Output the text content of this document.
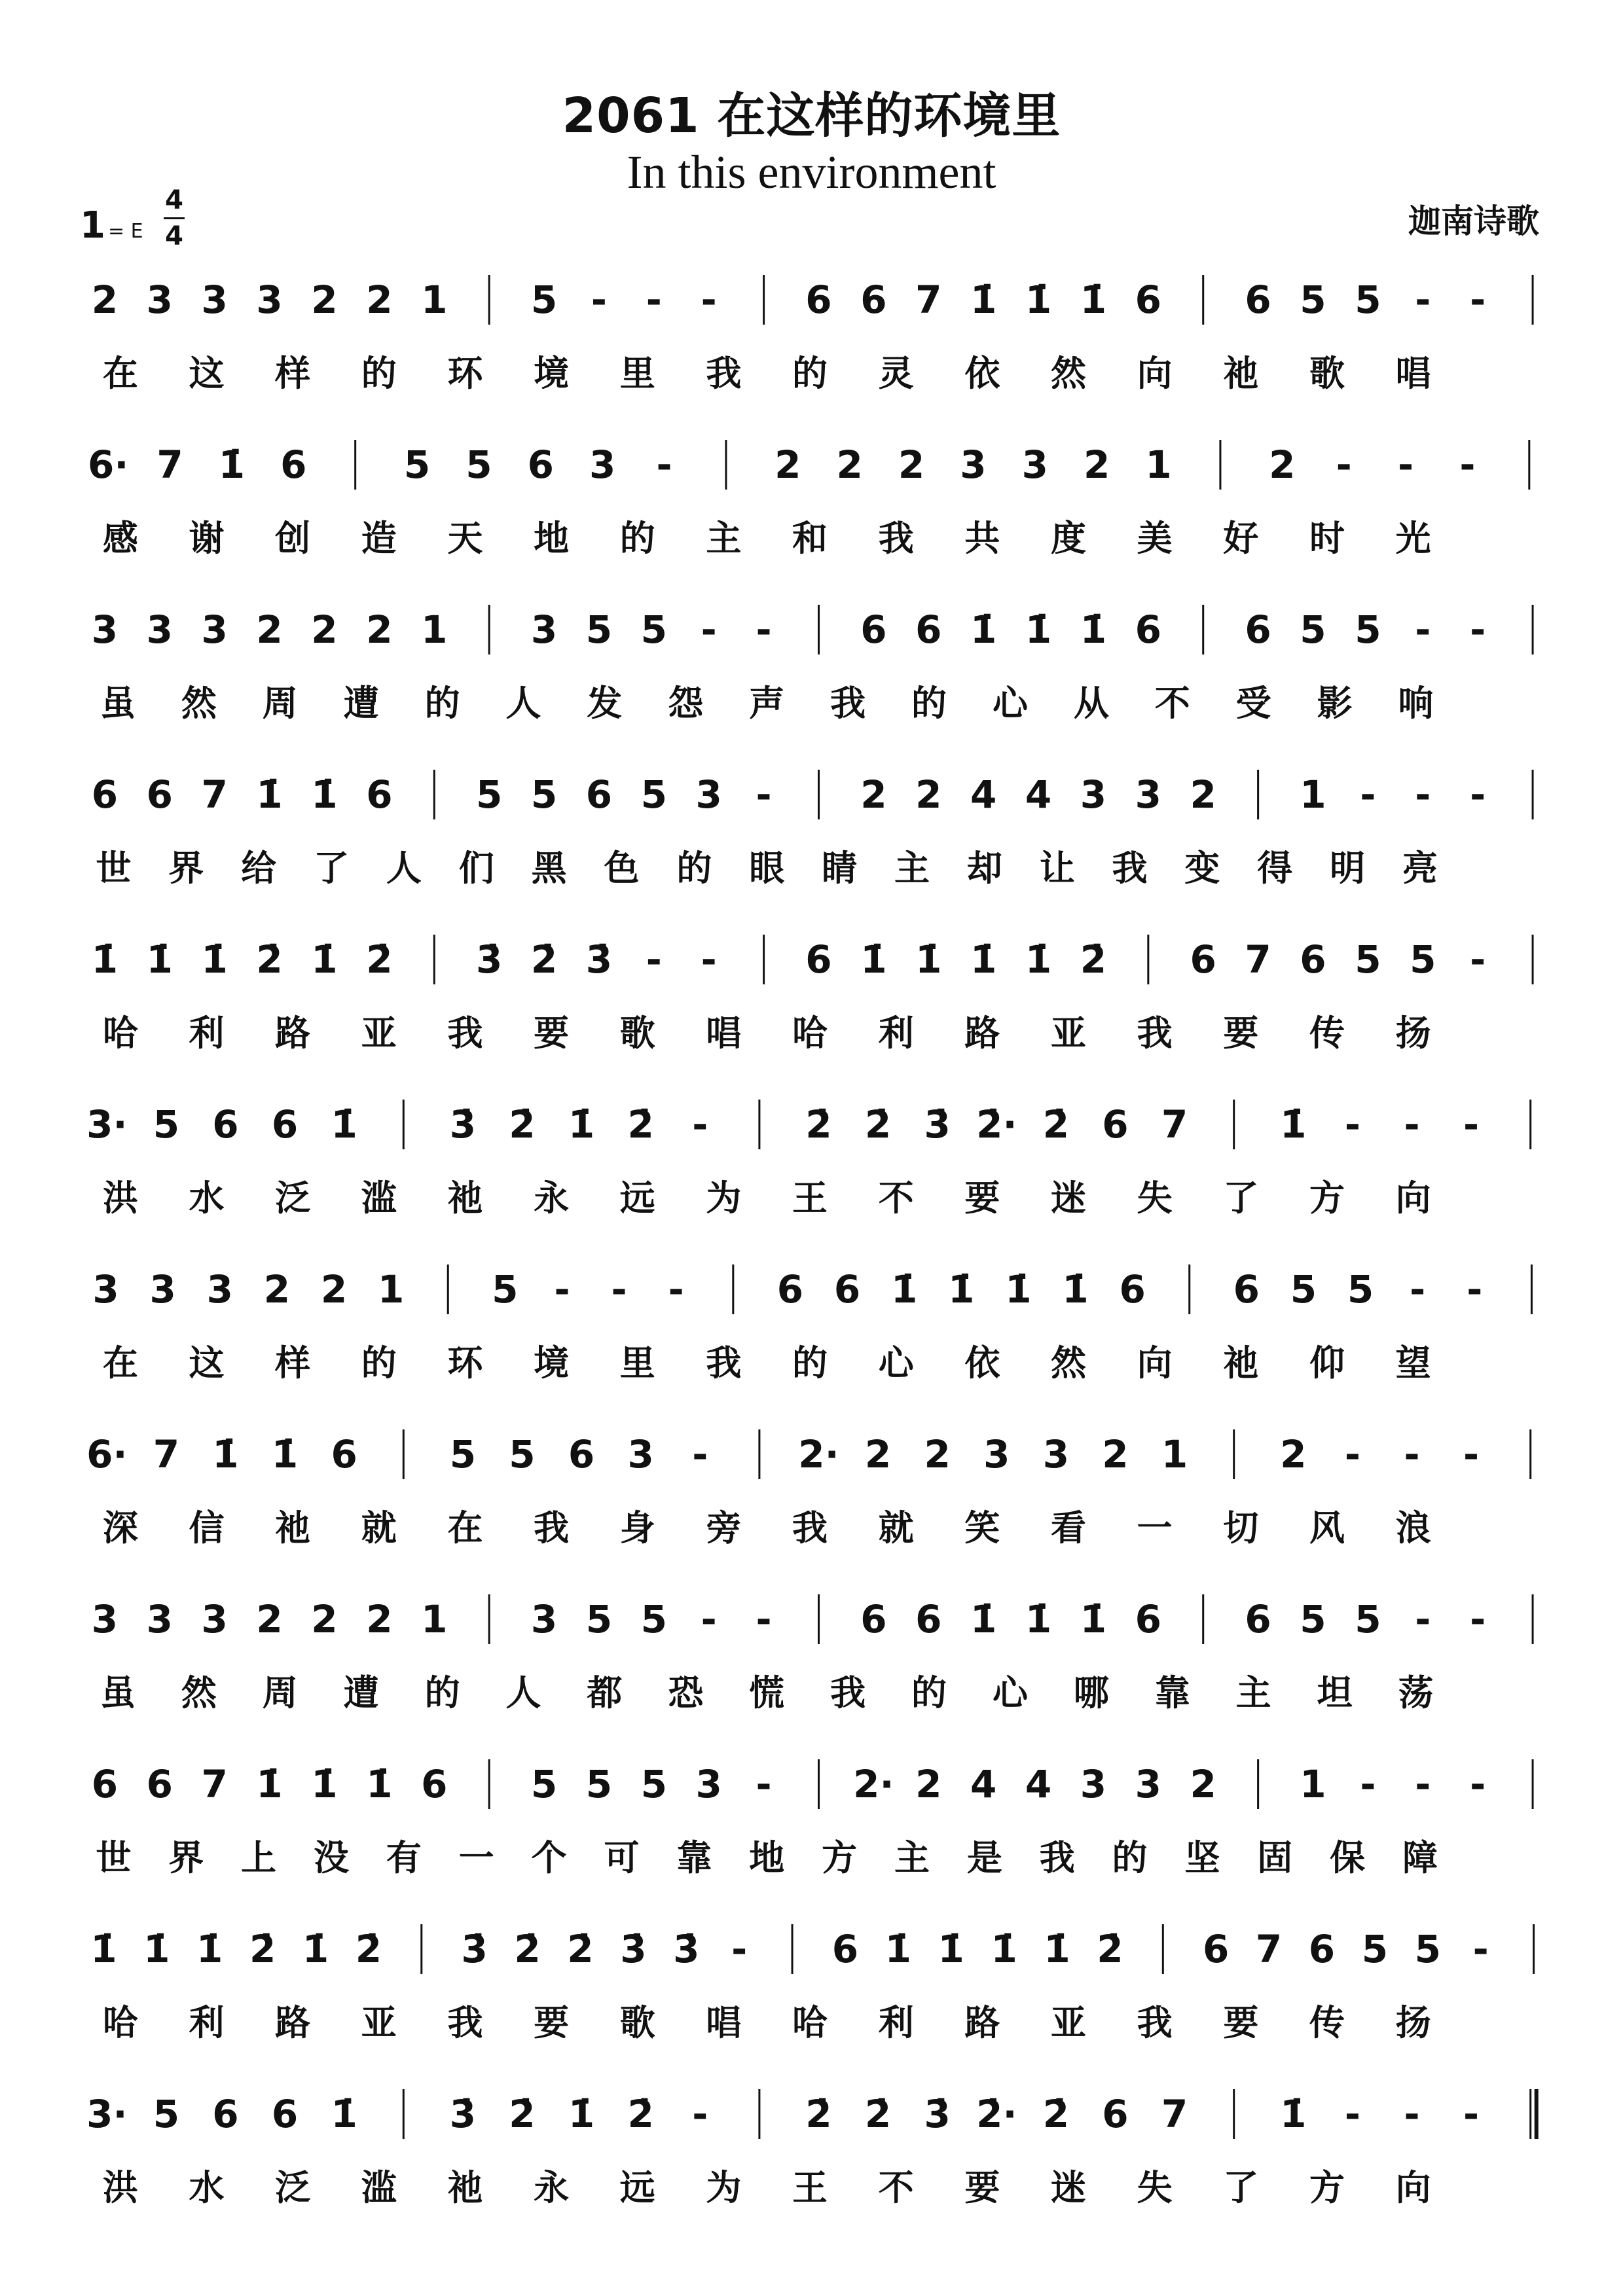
2061 在这样的环境里
In this environment
迦南诗歌
1 = E
4
4
2 3 3 3 2 2 1	5 -	-	-	6 6 7 1̇ 1̇ 1̇ 6	6 5 5 -	-
在 这 样 的 环 境 里 我 的 灵 依 然 向 祂 歌 唱
6· 7 1̇ 6	5 5 6 3	-	2 2 2 3 3 2 1	2	-	-	-
感 谢 创 造 天 地 的 主 和 我 共 度 美 好 时 光
3 3 3 2 2 2 1	3 5 5 -	-	6 6 1̇ 1̇ 1̇ 6	6 5 5 -	-
虽 然 周 遭 的 人 发 怨 声 我 的 心 从 不 受 影 响
6 6 7 1̇ 1̇ 6	5 5 6 5 3 -	2 2 4 4 3 3 2	1 -	-	-
世 界 给 了 人 们 黑 色 的 眼 睛 主 却 让 我 变 得 明 亮
1̇ 1̇ 1̇ 2̇ 1̇ 2̇	3̇ 2̇ 3̇ -	-	6 1̇ 1̇ 1̇ 1̇ 2̇	6 7 6 5 5 -
哈 利 路 亚 我 要 歌 唱 哈 利 路 亚 我 要 传 扬
3· 5 6 6 1̇	3̇ 2̇ 1̇ 2̇	-	2̇ 2̇ 3̇ 2̇· 2̇ 6 7	1̇	-	-	-
洪 水 泛 滥 祂 永 远 为 王 不 要 迷 失 了 方 向
3 3 3 2 2 1	5 -	-	-	6 6 1̇ 1̇ 1̇ 1̇ 6	6 5 5 -	-
在 这 样 的 环 境 里 我 的 心 依 然 向 祂 仰 望
6· 7 1̇ 1̇ 6	5 5 6 3	-	2· 2 2 3 3 2 1	2	-	-	-
深 信 祂 就 在 我 身 旁 我 就 笑 看 一 切 风 浪
3 3 3 2 2 2 1	3 5 5 -	-	6 6 1̇ 1̇ 1̇ 6	6 5 5 -	-
虽 然 周 遭 的 人 都 恐 慌 我 的 心 哪 靠 主 坦 荡
6 6 7 1̇ 1̇ 1̇ 6	5 5 5 3 -	2· 2 4 4 3 3 2	1 -	-	-
世 界 上 没 有 一 个 可 靠 地 方 主 是 我 的 坚 固 保 障
1̇ 1̇ 1̇ 2̇ 1̇ 2̇	3̇ 2̇ 2̇ 3̇ 3̇ -	6 1̇ 1̇ 1̇ 1̇ 2̇	6 7 6 5 5 -
哈 利 路 亚 我 要 歌 唱 哈 利 路 亚 我 要 传 扬
3· 5 6 6 1̇	3̇ 2̇ 1̇ 2̇	-	2̇ 2̇ 3̇ 2̇· 2̇ 6 7	1̇	-	-	-
洪 水 泛 滥 祂 永 远 为 王 不 要 迷 失 了 方 向
